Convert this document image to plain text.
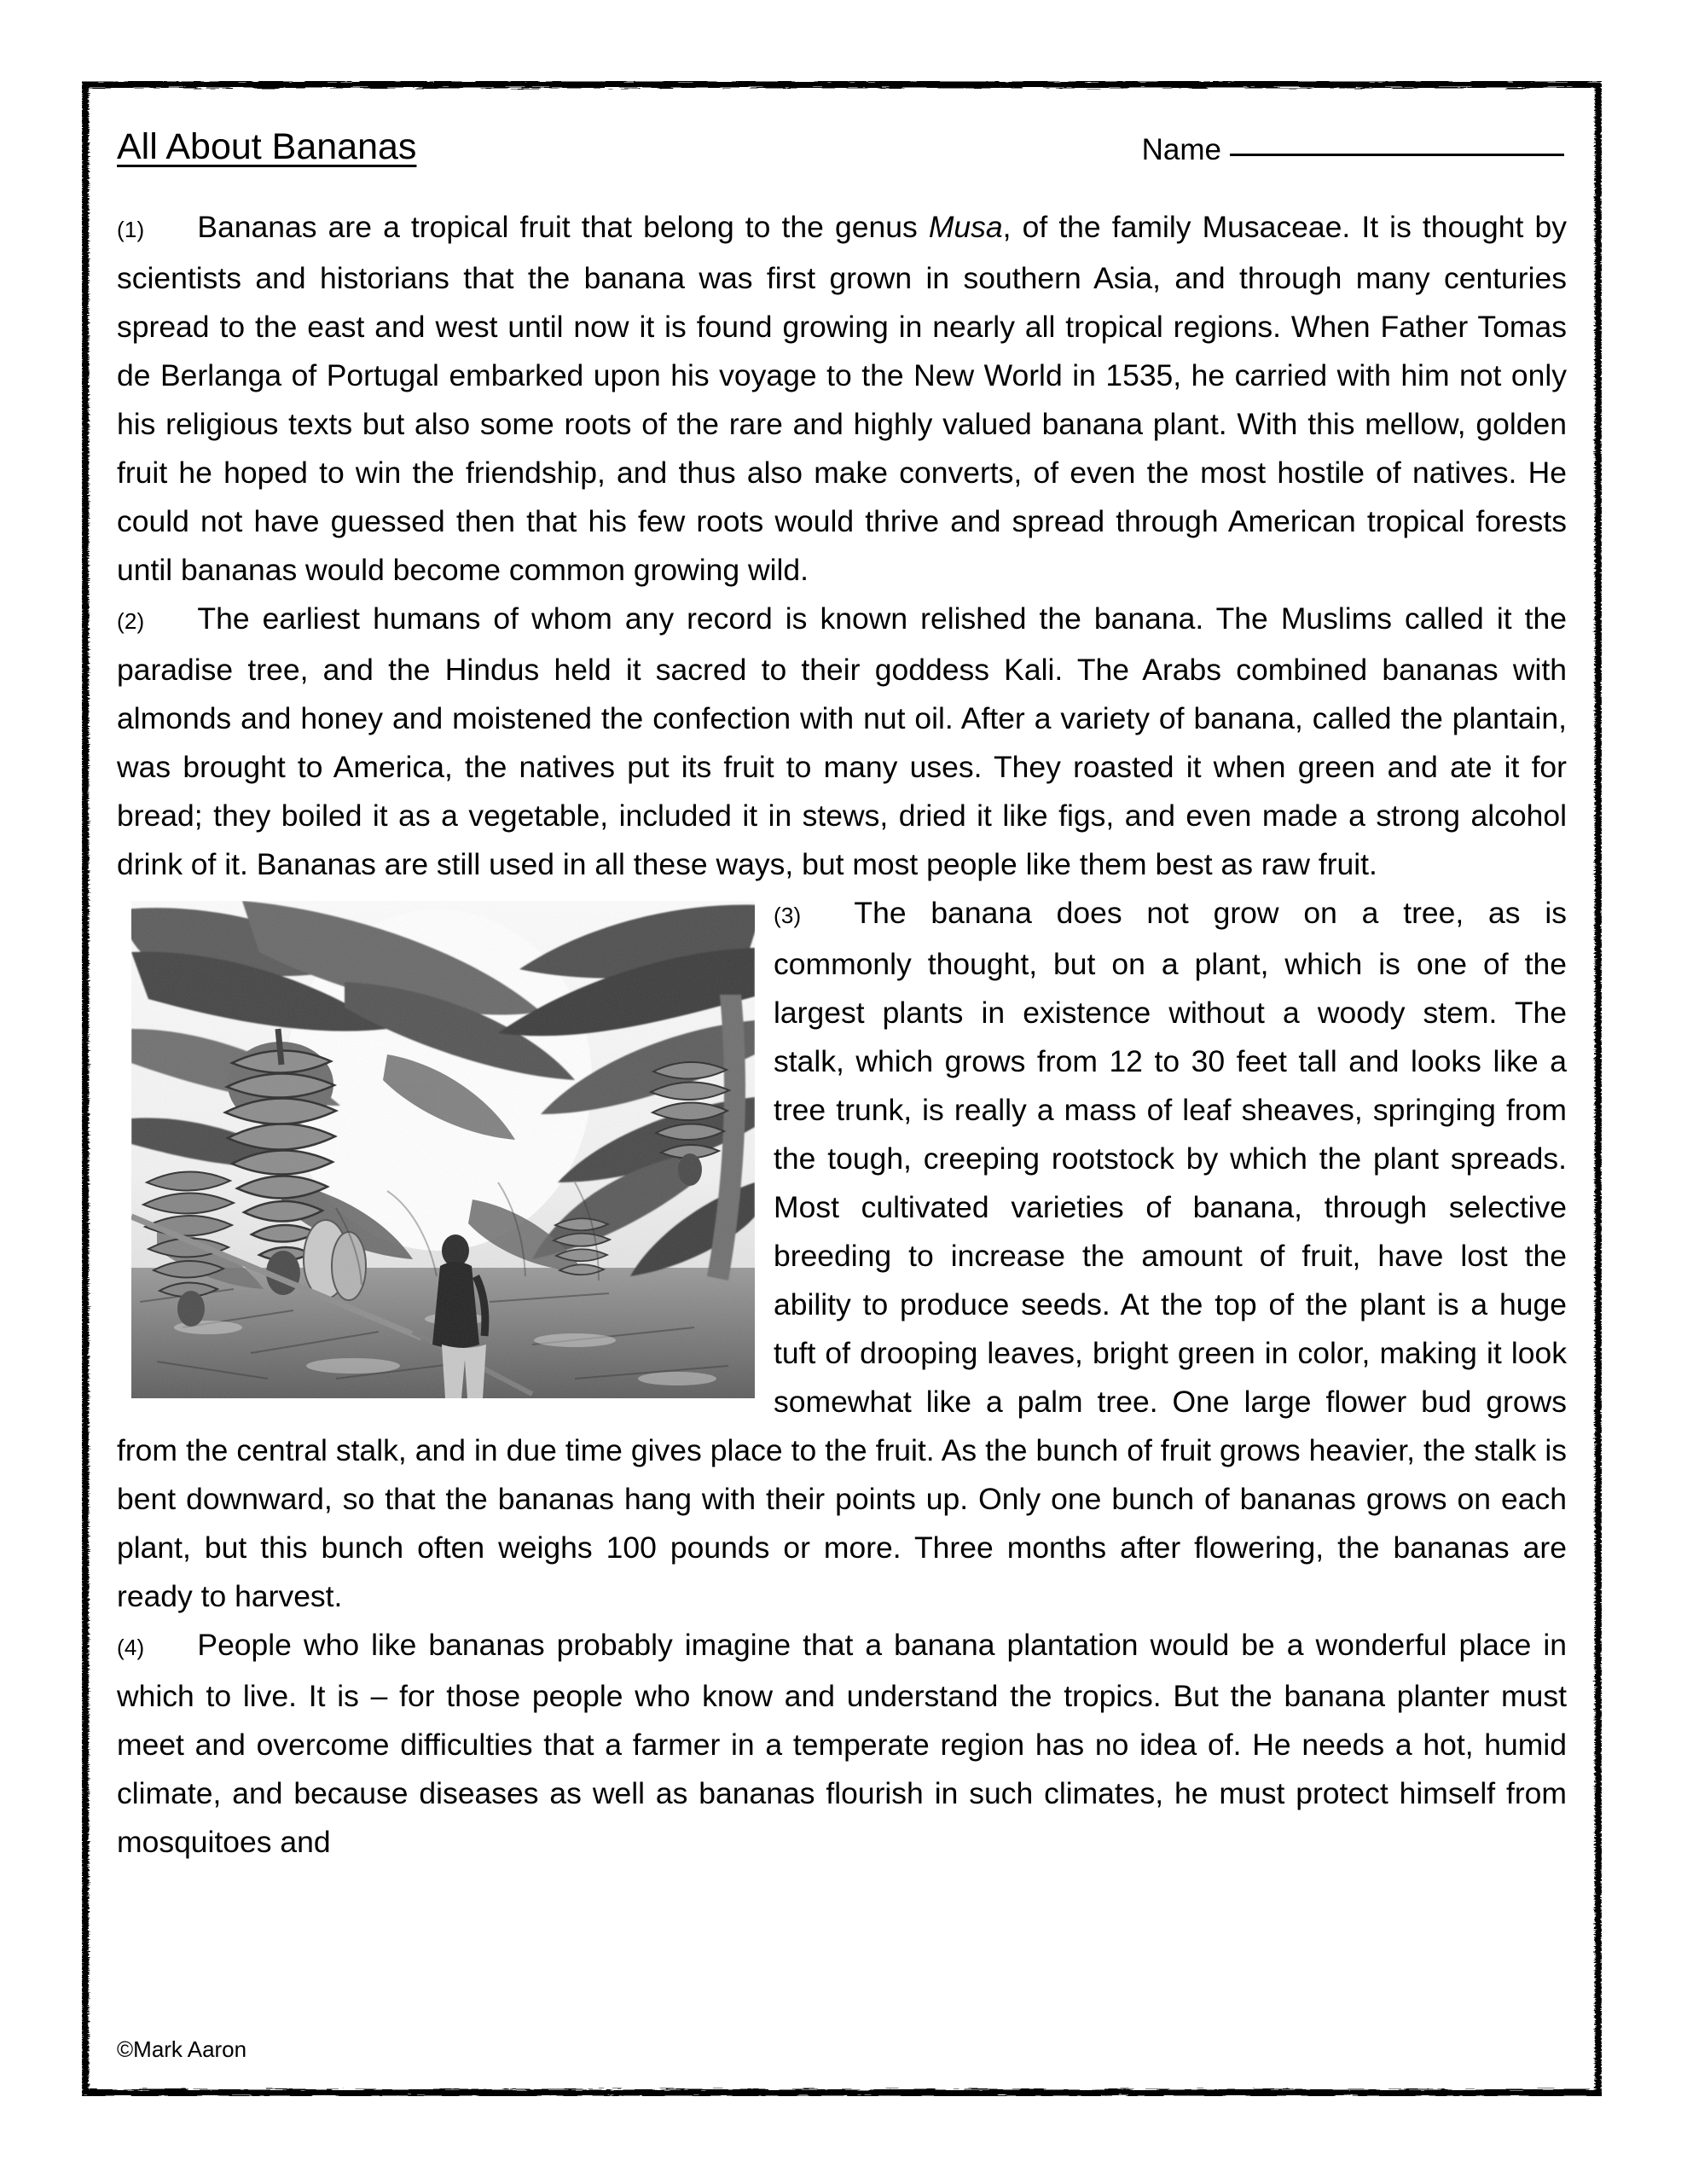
All About Bananas	Name

(1) Bananas are a tropical fruit that belong to the genus Musa, of the family Musaceae. It is thought by scientists and historians that the banana was first grown in southern Asia, and through many centuries spread to the east and west until now it is found growing in nearly all tropical regions. When Father Tomas de Berlanga of Portugal embarked upon his voyage to the New World in 1535, he carried with him not only his religious texts but also some roots of the rare and highly valued banana plant. With this mellow, golden fruit he hoped to win the friendship, and thus also make converts, of even the most hostile of natives. He could not have guessed then that his few roots would thrive and spread through American tropical forests until bananas would become common growing wild.

(2) The earliest humans of whom any record is known relished the banana. The Muslims called it the paradise tree, and the Hindus held it sacred to their goddess Kali. The Arabs combined bananas with almonds and honey and moistened the confection with nut oil. After a variety of banana, called the plantain, was brought to America, the natives put its fruit to many uses. They roasted it when green and ate it for bread; they boiled it as a vegetable, included it in stews, dried it like figs, and even made a strong alcohol drink of it. Bananas are still used in all these ways, but most people like them best as raw fruit.

(3) The banana does not grow on a tree, as is commonly thought, but on a plant, which is one of the largest plants in existence without a woody stem. The stalk, which grows from 12 to 30 feet tall and looks like a tree trunk, is really a mass of leaf sheaves, springing from the tough, creeping rootstock by which the plant spreads. Most cultivated varieties of banana, through selective breeding to increase the amount of fruit, have lost the ability to produce seeds. At the top of the plant is a huge tuft of drooping leaves, bright green in color, making it look somewhat like a palm tree. One large flower bud grows from the central stalk, and in due time gives place to the fruit. As the bunch of fruit grows heavier, the stalk is bent downward, so that the bananas hang with their points up. Only one bunch of bananas grows on each plant, but this bunch often weighs 100 pounds or more. Three months after flowering, the bananas are ready to harvest.

(4) People who like bananas probably imagine that a banana plantation would be a wonderful place in which to live. It is – for those people who know and understand the tropics. But the banana planter must meet and overcome difficulties that a farmer in a temperate region has no idea of. He needs a hot, humid climate, and because diseases as well as bananas flourish in such climates, he must protect himself from mosquitoes and

©Mark Aaron
